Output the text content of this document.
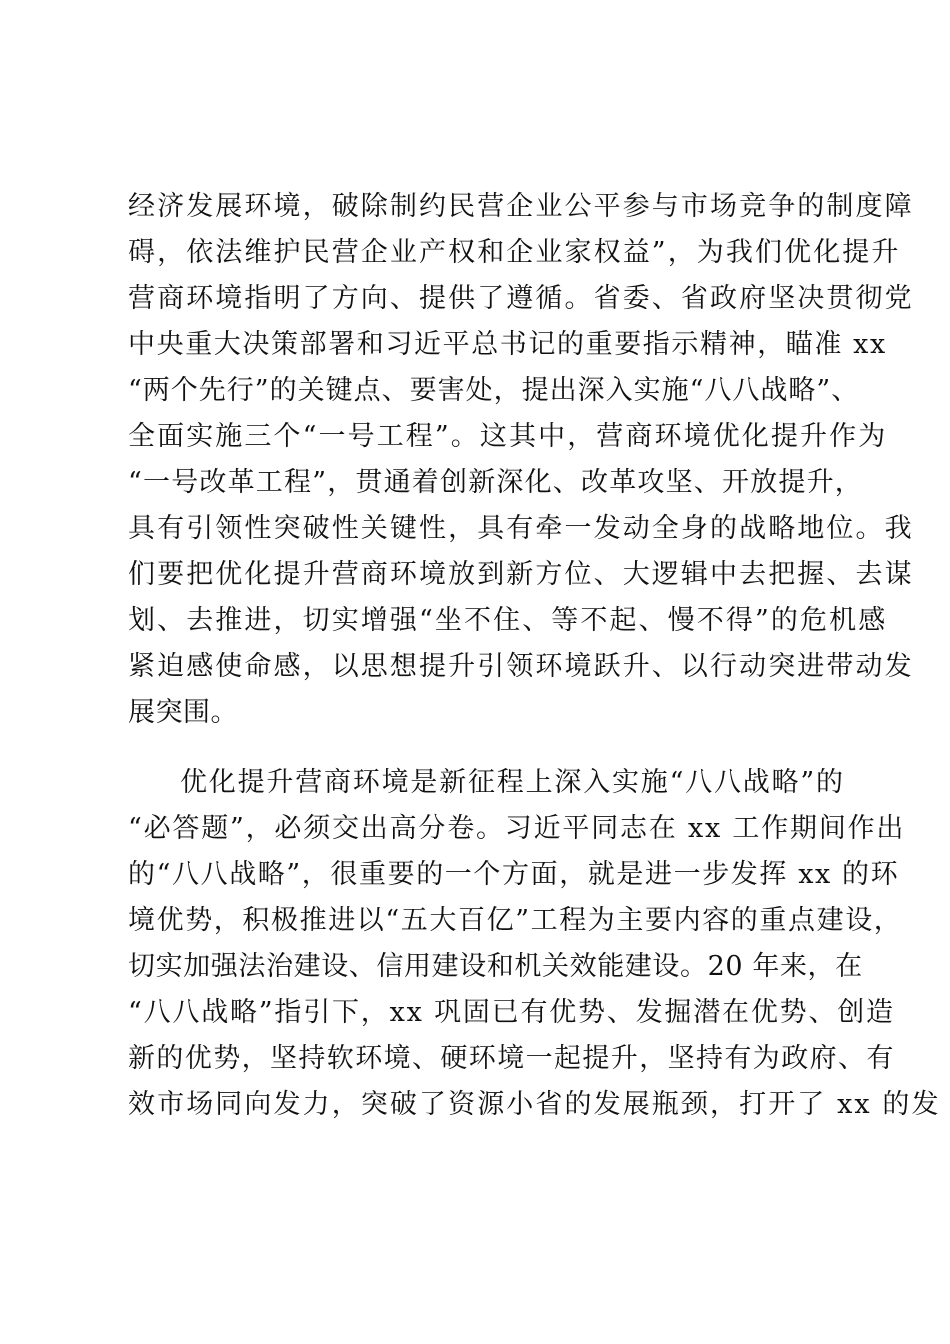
经济发展环境，破除制约民营企业公平参与市场竞争的制度障
碍，依法维护民营企业产权和企业家权益”，为我们优化提升
营商环境指明了方向、提供了遵循。省委、省政府坚决贯彻党
中央重大决策部署和习近平总书记的重要指示精神，瞄准 xx
“两个先行”的关键点、要害处，提出深入实施“八八战略”、
全面实施三个“一号工程”。这其中，营商环境优化提升作为
“一号改革工程”，贯通着创新深化、改革攻坚、开放提升，
具有引领性突破性关键性，具有牵一发动全身的战略地位。我
们要把优化提升营商环境放到新方位、大逻辑中去把握、去谋
划、去推进，切实增强“坐不住、等不起、慢不得”的危机感
紧迫感使命感，以思想提升引领环境跃升、以行动突进带动发
展突围。
优化提升营商环境是新征程上深入实施“八八战略”的
“必答题”，必须交出高分卷。习近平同志在 xx 工作期间作出
的“八八战略”，很重要的一个方面，就是进一步发挥 xx 的环
境优势，积极推进以“五大百亿”工程为主要内容的重点建设，
切实加强法治建设、信用建设和机关效能建设。20 年来，在
“八八战略”指引下，xx 巩固已有优势、发掘潜在优势、创造
新的优势，坚持软环境、硬环境一起提升，坚持有为政府、有
效市场同向发力，突破了资源小省的发展瓶颈，打开了 xx 的发
